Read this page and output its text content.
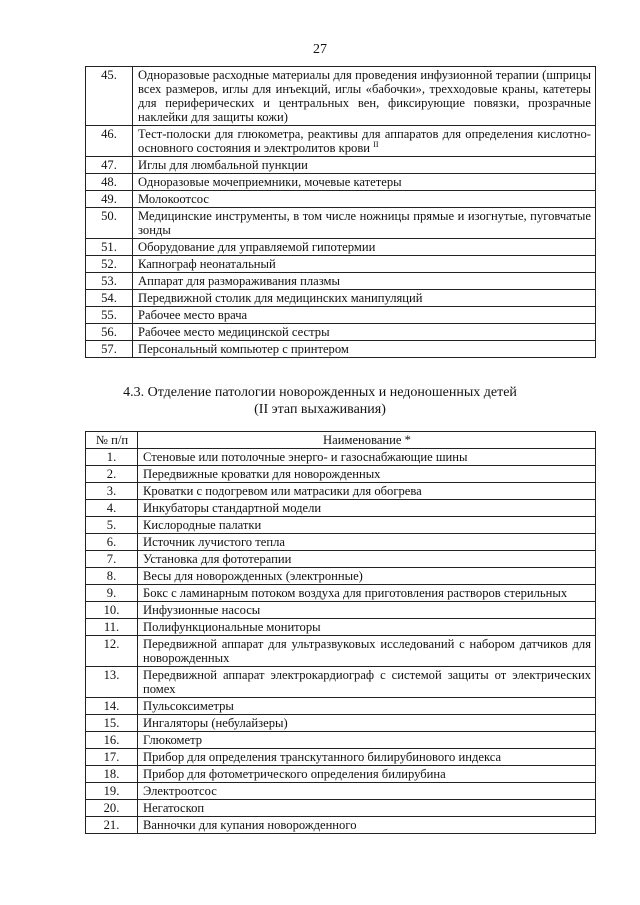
27
45.	Одноразовые расходные материалы для проведения инфузионной терапии (шприцы всех размеров, иглы для инъекций, иглы «бабочки», трехходовые краны, катетеры для периферических и центральных вен, фиксирующие повязки, прозрачные наклейки для защиты кожи)
46.	Тест-полоски для глюкометра, реактивы для аппаратов для определения кислотно-основного состояния и электролитов крови $^{II}$
47.	Иглы для люмбальной пункции
48.	Одноразовые мочеприемники, мочевые катетеры
49.	Молокоотсос
50.	Медицинские инструменты, в том числе ножницы прямые и изогнутые, пуговчатые зонды
51.	Оборудование для управляемой гипотермии
52.	Капнограф неонатальный
53.	Аппарат для размораживания плазмы
54.	Передвижной столик для медицинских манипуляций
55.	Рабочее место врача
56.	Рабочее место медицинской сестры
57.	Персональный компьютер с принтером
4.3. Отделение патологии новорожденных и недоношенных детей
(II этап выхаживания)
№ п/п	Наименование *
1.	Стеновые или потолочные энерго- и газоснабжающие шины
2.	Передвижные кроватки для новорожденных
3.	Кроватки с подогревом или матрасики для обогрева
4.	Инкубаторы стандартной модели
5.	Кислородные палатки
6.	Источник лучистого тепла
7.	Установка для фототерапии
8.	Весы для новорожденных (электронные)
9.	Бокс с ламинарным потоком воздуха для приготовления растворов стерильных
10.	Инфузионные насосы
11.	Полифункциональные мониторы
12.	Передвижной аппарат для ультразвуковых исследований с набором датчиков для новорожденных
13.	Передвижной аппарат электрокардиограф с системой защиты от электрических помех
14.	Пульсоксиметры
15.	Ингаляторы (небулайзеры)
16.	Глюкометр
17.	Прибор для определения транскутанного билирубинового индекса
18.	Прибор для фотометрического определения билирубина
19.	Электроотсос
20.	Негатоскоп
21.	Ванночки для купания новорожденного
